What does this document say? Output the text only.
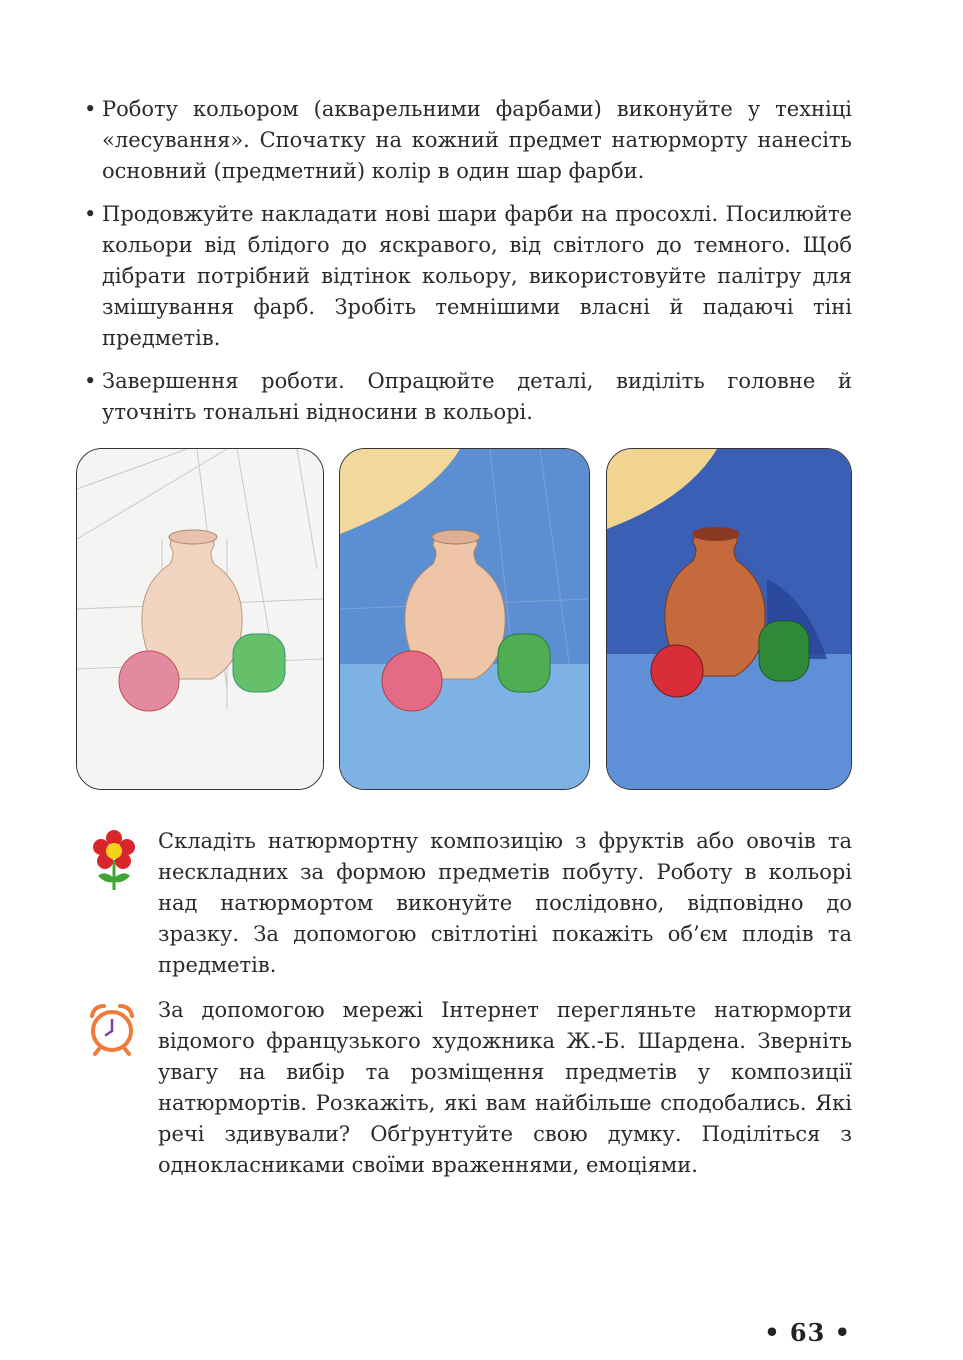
• Роботу кольором (акварельними фарбами) виконуйте у техніці «лесування». Спочатку на кожний предмет натюрморту нанесіть основний (предметний) колір в один шар фарби.
• Продовжуйте накладати нові шари фарби на просохлі. Посилюйте кольори від блідого до яскравого, від світлого до темного. Щоб дібрати потрібний відтінок кольору, використовуйте палітру для змішування фарб. Зробіть темнішими власні й падаючі тіні предметів.
• Завершення роботи. Опрацюйте деталі, виділіть головне й уточніть тональні відносини в кольорі.
Складіть натюрмортну композицію з фруктів або овочів та нескладних за формою предметів побуту. Роботу в кольорі над натюрмортом виконуйте послідовно, відповідно до зразку. За допомогою світлотіні покажіть об’єм плодів та предметів.
За допомогою мережі Інтернет перегляньте натюрморти відомого французького художника Ж.-Б. Шардена. Зверніть увагу на вибір та розміщення предметів у композиції натюрмортів. Розкажіть, які вам найбільше сподобались. Які речі здивували? Обґрунтуйте свою думку. Поділіться з однокласниками своїми враженнями, емоціями.
• 63 •
